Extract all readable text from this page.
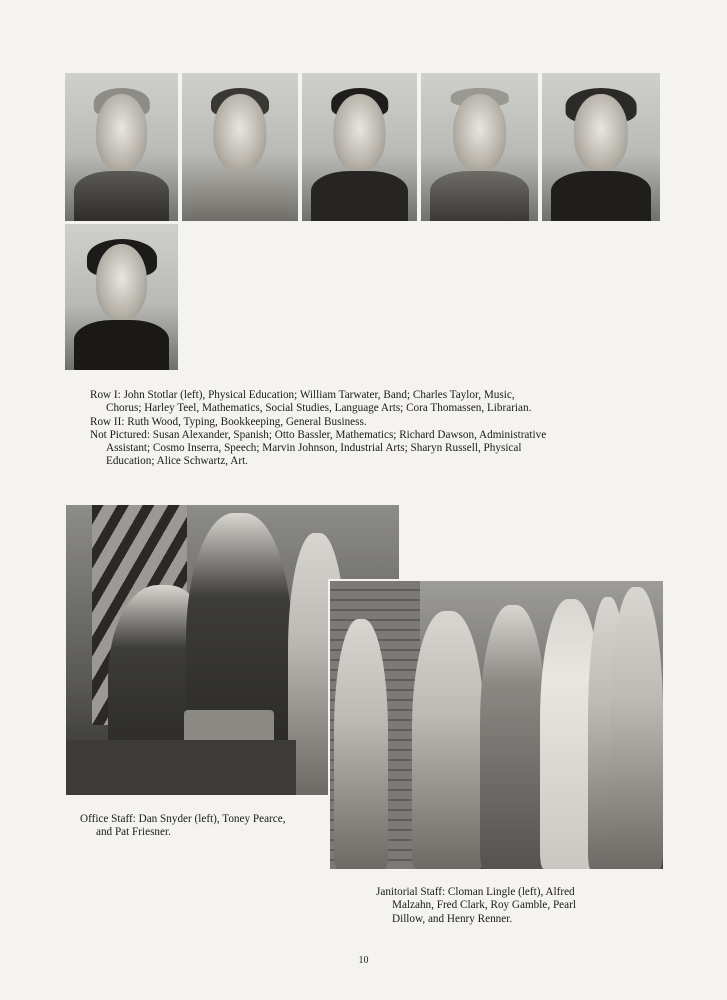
Row I: John Stotlar (left), Physical Education; William Tarwater, Band; Charles Taylor, Music,
Chorus; Harley Teel, Mathematics, Social Studies, Language Arts; Cora Thomassen, Librarian.
Row II: Ruth Wood, Typing, Bookkeeping, General Business.
Not Pictured: Susan Alexander, Spanish; Otto Bassler, Mathematics; Richard Dawson, Administrative
Assistant; Cosmo Inserra, Speech; Marvin Johnson, Industrial Arts; Sharyn Russell, Physical
Education; Alice Schwartz, Art.
Office Staff: Dan Snyder (left), Toney Pearce,
and Pat Friesner.
Janitorial Staff: Cloman Lingle (left), Alfred
Malzahn, Fred Clark, Roy Gamble, Pearl
Dillow, and Henry Renner.
10
